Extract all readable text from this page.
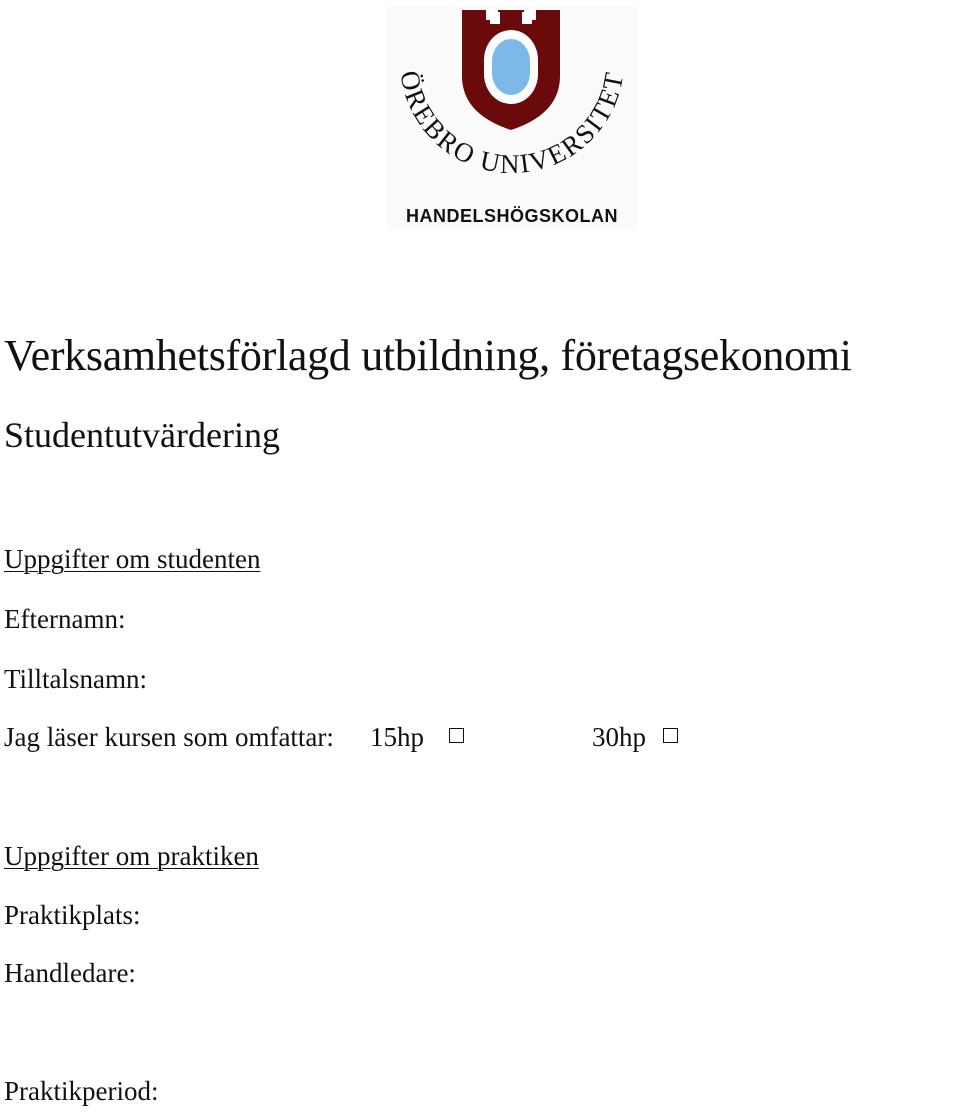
ÖREBRO UNIVERSITET
HANDELSHÖGSKOLAN
Verksamhetsförlagd utbildning, företagsekonomi
Studentutvärdering
Uppgifter om studenten
Efternamn:
Tilltalsnamn:
Jag läser kursen som omfattar: 15hp	30hp
Uppgifter om praktiken
Praktikplats:
Handledare:
Praktikperiod:
